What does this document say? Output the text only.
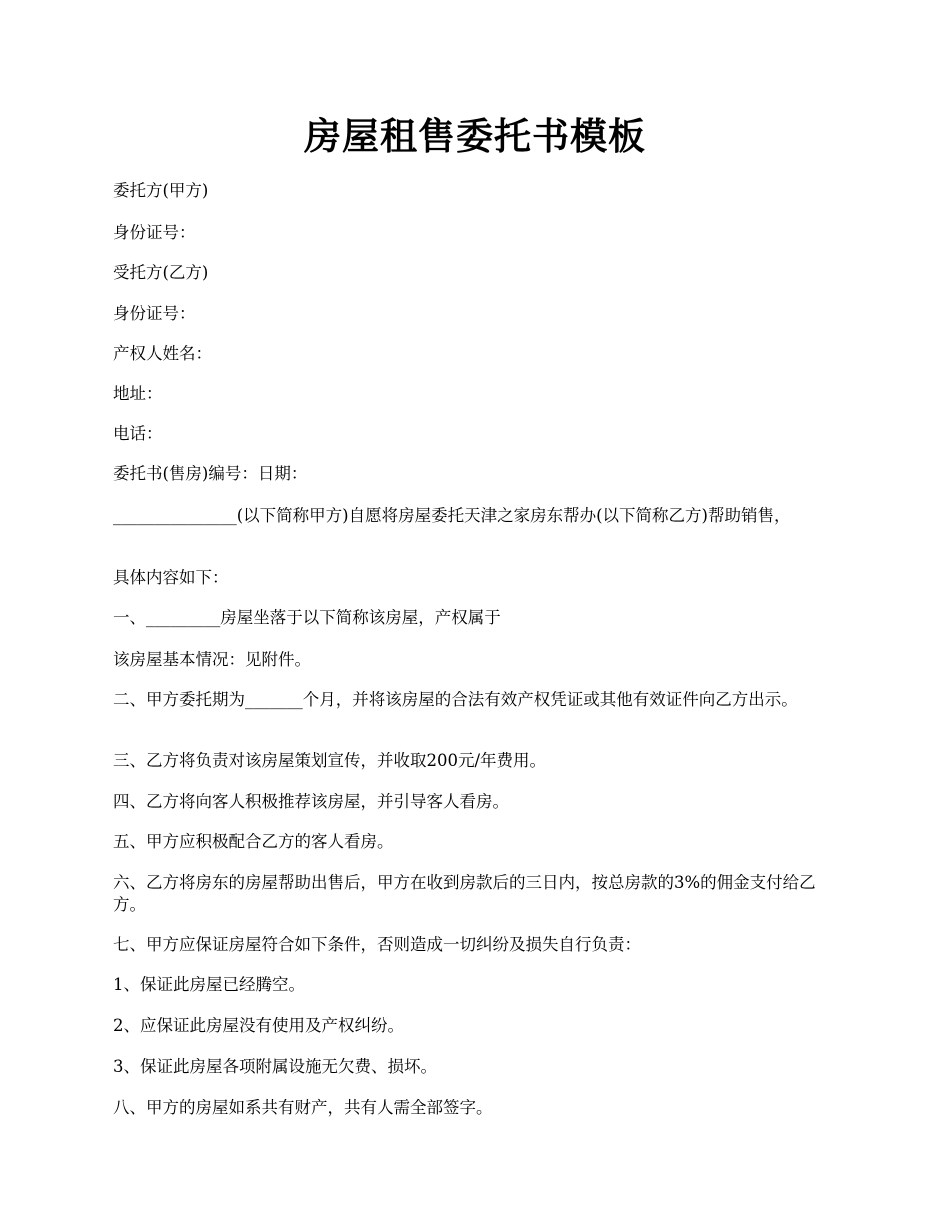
房屋租售委托书模板

委托方(甲方)

身份证号：

受托方(乙方)

身份证号：

产权人姓名：

地址：

电话：

委托书(售房)编号：日期：

_______________(以下简称甲方)自愿将房屋委托天津之家房东帮办(以下简称乙方)帮助销售，

具体内容如下：

一、_________房屋坐落于以下简称该房屋，产权属于

该房屋基本情况：见附件。

二、甲方委托期为_______个月，并将该房屋的合法有效产权凭证或其他有效证件向乙方出示。

三、乙方将负责对该房屋策划宣传，并收取200元/年费用。

四、乙方将向客人积极推荐该房屋，并引导客人看房。

五、甲方应积极配合乙方的客人看房。

六、乙方将房东的房屋帮助出售后，甲方在收到房款后的三日内，按总房款的3%的佣金支付给乙方。

七、甲方应保证房屋符合如下条件，否则造成一切纠纷及损失自行负责：

1、保证此房屋已经腾空。

2、应保证此房屋没有使用及产权纠纷。

3、保证此房屋各项附属设施无欠费、损坏。

八、甲方的房屋如系共有财产，共有人需全部签字。
